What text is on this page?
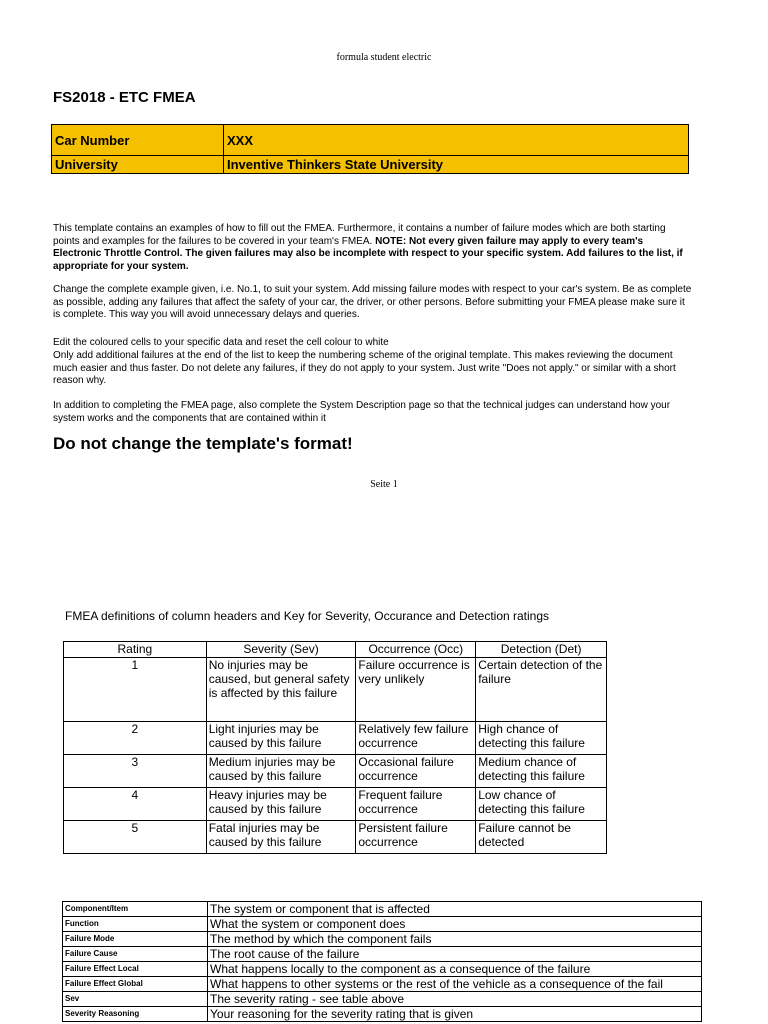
formula student electric
FS2018 - ETC FMEA
Car Number	XXX
University	Inventive Thinkers State University
This template contains an examples of how to fill out the FMEA. Furthermore, it contains a number of failure modes which are both starting points and examples for the failures to be covered in your team's FMEA. NOTE: Not every given failure may apply to every team's Electronic Throttle Control. The given failures may also be incomplete with respect to your specific system. Add failures to the list, if appropriate for your system.
Change the complete example given, i.e. No.1, to suit your system. Add missing failure modes with respect to your car's system. Be as complete as possible, adding any failures that affect the safety of your car, the driver, or other persons. Before submitting your FMEA please make sure it is complete. This way you will avoid unnecessary delays and queries.
Edit the coloured cells to your specific data and reset the cell colour to white
Only add additional failures at the end of the list to keep the numbering scheme of the original template. This makes reviewing the document much easier and thus faster. Do not delete any failures, if they do not apply to your system. Just write "Does not apply." or similar with a short reason why.
In addition to completing the FMEA page, also complete the System Description page so that the technical judges can understand how your system works and the components that are contained within it
Do not change the template's format!
Seite 1
FMEA definitions of column headers and Key for Severity, Occurance and Detection ratings
Rating	Severity (Sev)	Occurrence (Occ)	Detection (Det)
1	No injuries may be caused, but general safety is affected by this failure	Failure occurrence is very unlikely	Certain detection of the failure
2	Light injuries may be caused by this failure	Relatively few failure occurrence	High chance of detecting this failure
3	Medium injuries may be caused by this failure	Occasional failure occurrence	Medium chance of detecting this failure
4	Heavy injuries may be caused by this failure	Frequent failure occurrence	Low chance of detecting this failure
5	Fatal injuries may be caused by this failure	Persistent failure occurrence	Failure cannot be detected
Component/Item	The system or component that is affected
Function	What the system or component does
Failure Mode	The method by which the component fails
Failure Cause	The root cause of the failure
Failure Effect Local	What happens locally to the component as a consequence of the failure
Failure Effect Global	What happens to other systems or the rest of the vehicle as a consequence of the fail
Sev	The severity rating - see table above
Severity Reasoning	Your reasoning for the severity rating that is given
